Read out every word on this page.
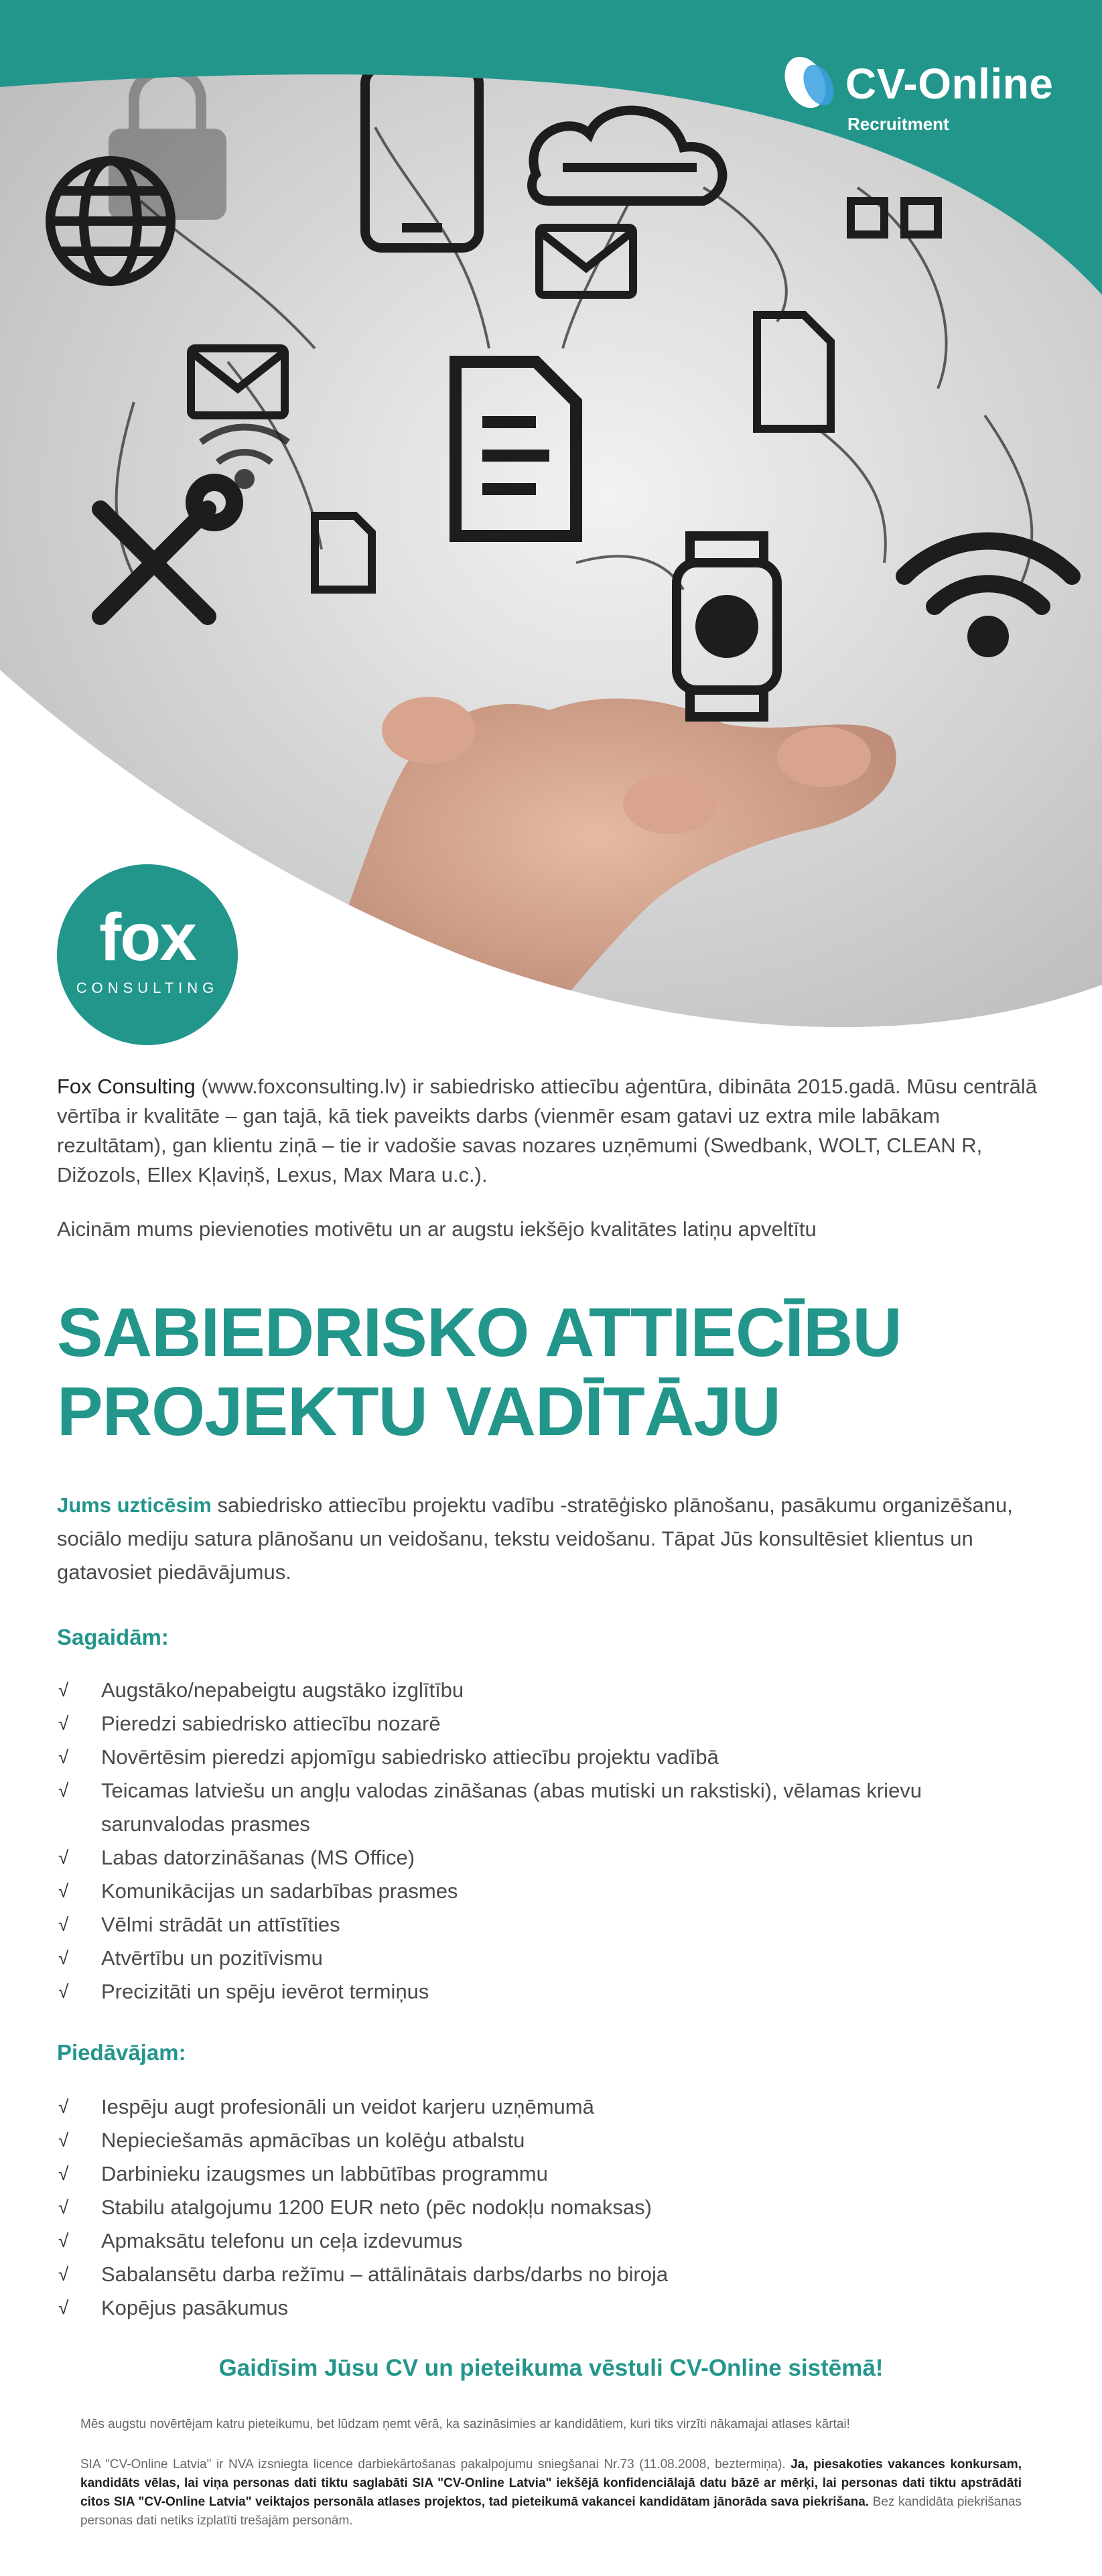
CV-Online
Recruitment
fox
CONSULTING
Fox Consulting (www.foxconsulting.lv) ir sabiedrisko attiecību aģentūra, dibināta 2015.gadā. Mūsu centrālā vērtība ir kvalitāte – gan tajā, kā tiek paveikts darbs (vienmēr esam gatavi uz extra mile labākam rezultātam), gan klientu ziņā – tie ir vadošie savas nozares uzņēmumi (Swedbank, WOLT, CLEAN R, Dižozols, Ellex Kļaviņš, Lexus, Max Mara u.c.).
Aicinām mums pievienoties motivētu un ar augstu iekšējo kvalitātes latiņu apveltītu
SABIEDRISKO ATTIECĪBU
PROJEKTU VADĪTĀJU
Jums uzticēsim sabiedrisko attiecību projektu vadību -stratēģisko plānošanu, pasākumu organizēšanu, sociālo mediju satura plānošanu un veidošanu, tekstu veidošanu. Tāpat Jūs konsultēsiet klientus un gatavosiet piedāvājumus.
Sagaidām:
√ Augstāko/nepabeigtu augstāko izglītību
√ Pieredzi sabiedrisko attiecību nozarē
√ Novērtēsim pieredzi apjomīgu sabiedrisko attiecību projektu vadībā
√ Teicamas latviešu un angļu valodas zināšanas (abas mutiski un rakstiski), vēlamas krievu sarunvalodas prasmes
√ Labas datorzināšanas (MS Office)
√ Komunikācijas un sadarbības prasmes
√ Vēlmi strādāt un attīstīties
√ Atvērtību un pozitīvismu
√ Precizitāti un spēju ievērot termiņus
Piedāvājam:
√ Iespēju augt profesionāli un veidot karjeru uzņēmumā
√ Nepieciešamās apmācības un kolēģu atbalstu
√ Darbinieku izaugsmes un labbūtības programmu
√ Stabilu atalgojumu 1200 EUR neto (pēc nodokļu nomaksas)
√ Apmaksātu telefonu un ceļa izdevumus
√ Sabalansētu darba režīmu – attālinātais darbs/darbs no biroja
√ Kopējus pasākumus
Gaidīsim Jūsu CV un pieteikuma vēstuli CV-Online sistēmā!
Mēs augstu novērtējam katru pieteikumu, bet lūdzam ņemt vērā, ka sazināsimies ar kandidātiem, kuri tiks virzīti nākamajai atlases kārtai!
SIA "CV-Online Latvia" ir NVA izsniegta licence darbiekārtošanas pakalpojumu sniegšanai Nr.73 (11.08.2008, beztermiņa). Ja, piesakoties vakances konkursam, kandidāts vēlas, lai viņa personas dati tiktu saglabāti SIA "CV-Online Latvia" iekšējā konfidenciālajā datu bāzē ar mērķi, lai personas dati tiktu apstrādāti citos SIA "CV-Online Latvia" veiktajos personāla atlases projektos, tad pieteikumā vakancei kandidātam jānorāda sava piekrišana. Bez kandidāta piekrišanas personas dati netiks izplatīti trešajām personām.
